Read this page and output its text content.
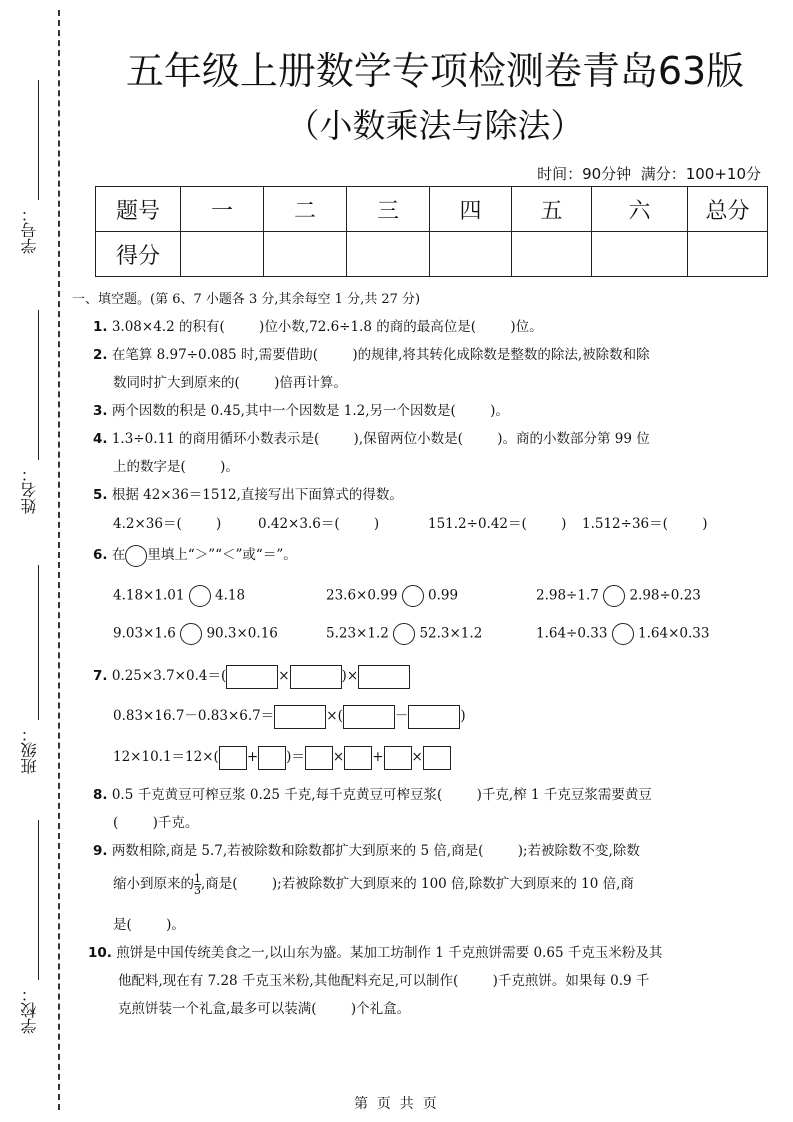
学号：
姓名：
班级：
学校：
五年级上册数学专项检测卷青岛63版
（小数乘法与除法）
时间：90分钟  满分：100+10分
题号	一	二	三	四	五	六	总分
得分							
一、填空题。(第 6、7 小题各 3 分,其余每空 1 分,共 27 分)
1. 3.08×4.2 的积有(        )位小数,72.6÷1.8 的商的最高位是(        )位。
2. 在笔算 8.97÷0.085 时,需要借助(        )的规律,将其转化成除数是整数的除法,被除数和除
数同时扩大到原来的(        )倍再计算。
3. 两个因数的积是 0.45,其中一个因数是 1.2,另一个因数是(        )。
4. 1.3÷0.11 的商用循环小数表示是(        ),保留两位小数是(        )。商的小数部分第 99 位
上的数字是(        )。
5. 根据 42×36＝1512,直接写出下面算式的得数。
4.2×36＝(        )	0.42×3.6＝(        )	151.2÷0.42＝(        ) 1.512÷36＝(        )
6. 在 里填上“＞”“＜”或“＝”。
4.18×1.01 4.18	23.6×0.99 0.99	2.98÷1.7 2.98÷0.23
9.03×1.6 90.3×0.16	5.23×1.2 52.3×1.2	1.64÷0.33 1.64×0.33
7. 0.25×3.7×0.4＝(	×	)×
0.83×16.7－0.83×6.7＝	×(	－	)
12×10.1＝12×( + )＝ × + ×
8. 0.5 千克黄豆可榨豆浆 0.25 千克,每千克黄豆可榨豆浆(        )千克,榨 1 千克豆浆需要黄豆
(        )千克。
9. 两数相除,商是 5.7,若被除数和除数都扩大到原来的 5 倍,商是(        );若被除数不变,除数
缩小到原来的 $\frac{1}{3}$ ,商是(        );若被除数扩大到原来的 100 倍,除数扩大到原来的 10 倍,商
是(        )。
10. 煎饼是中国传统美食之一,以山东为盛。某加工坊制作 1 千克煎饼需要 0.65 千克玉米粉及其
他配料,现在有 7.28 千克玉米粉,其他配料充足,可以制作(        )千克煎饼。如果每 0.9 千
克煎饼装一个礼盒,最多可以装满(        )个礼盒。
第  页  共  页
